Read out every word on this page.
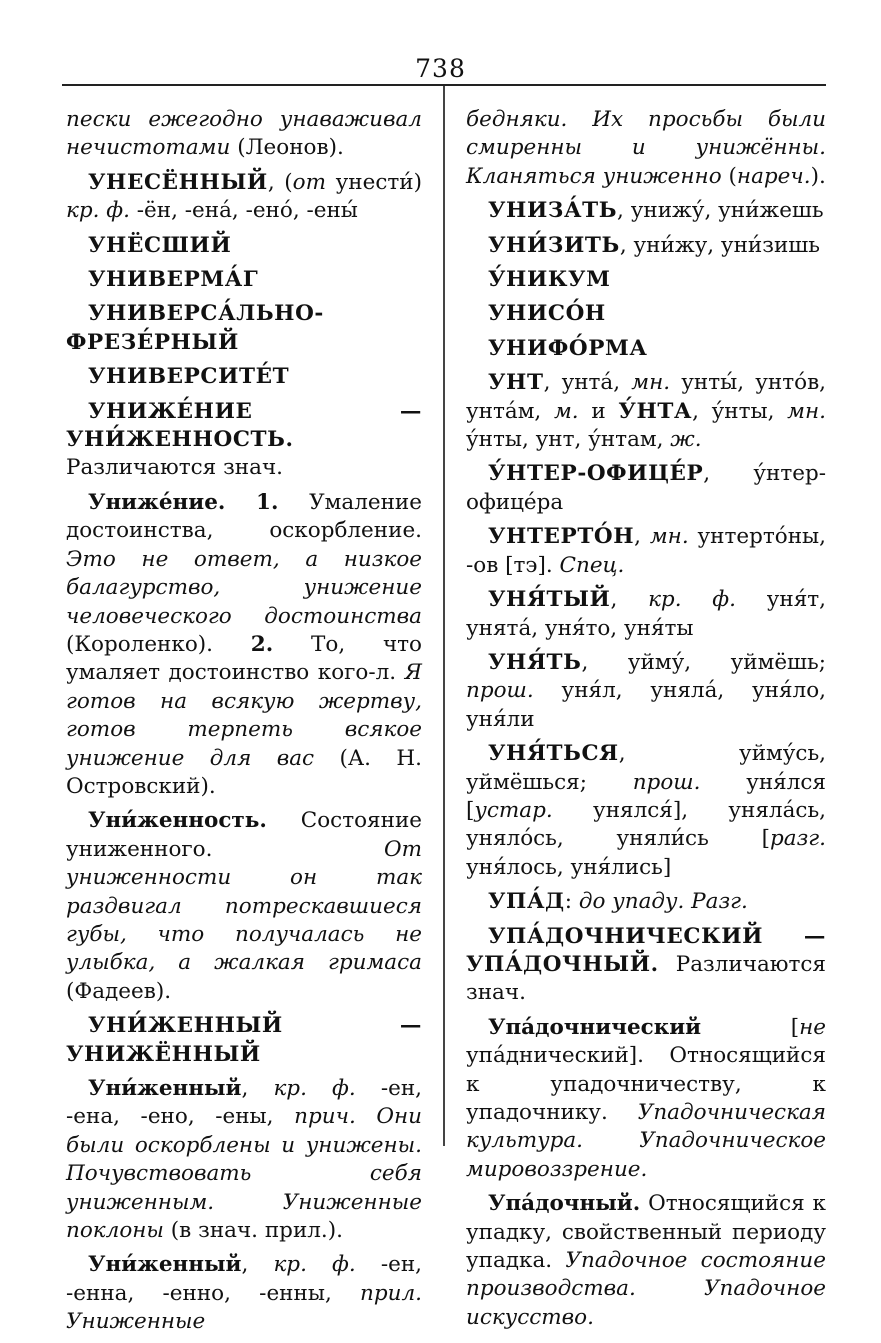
738

пески ежегодно унаваживал нечистотами (Леонов).

УНЕСЁННЫЙ, (от унести́) кр. ф. -ён, -ена́, -ено́, -ены́

УНЁСШИЙ

УНИВЕРМА́Г

УНИВЕРСА́ЛЬНО-ФРЕЗЕ́РНЫЙ

УНИВЕРСИТЕ́Т

УНИЖЕ́НИЕ — УНИ́ЖЕННОСТЬ. Различаются знач.

Униже́ние. 1. Умаление достоинства, оскорбление. Это не ответ, а низкое балагурство, унижение человеческого достоинства (Короленко). 2. То, что умаляет достоинство кого-л. Я готов на всякую жертву, готов терпеть всякое унижение для вас (А. Н. Островский).

Уни́женность. Состояние униженного. От униженности он так раздвигал потрескавшиеся губы, что получалась не улыбка, а жалкая гримаса (Фадеев).

УНИ́ЖЕННЫЙ — УНИЖЁННЫЙ

Уни́женный, кр. ф. -ен, -ена, -ено, -ены, прич. Они были оскорблены и унижены. Почувствовать себя униженным. Униженные поклоны (в знач. прил.).

Уни́женный, кр. ф. -ен, -енна, -енно, -енны, прил. Униженные

бедняки. Их просьбы были смиренны и унижённы. Кланяться униженно (нареч.).

УНИЗА́ТЬ, унижу́, уни́жешь

УНИ́ЗИТЬ, уни́жу, уни́зишь

У́НИКУМ

УНИСО́Н

УНИФО́РМА

УНТ, унта́, мн. унты́, унто́в, унта́м, м. и У́НТА, у́нты, мн. у́нты, унт, у́нтам, ж.

У́НТЕР-ОФИЦЕ́Р, у́нтер-офице́ра

УНТЕРТО́Н, мн. унтерто́ны, -ов [тэ]. Спец.

УНЯ́ТЫЙ, кр. ф. уня́т, унята́, уня́то, уня́ты

УНЯ́ТЬ, уйму́, уймёшь; прош. уня́л, уняла́, уня́ло, уня́ли

УНЯ́ТЬСЯ, уйму́сь, уймёшься; прош. уня́лся [устар. унялся́], уняла́сь, уняло́сь, уняли́сь [разг. уня́лось, уня́лись]

УПА́Д: до упаду. Разг.

УПА́ДОЧНИЧЕСКИЙ — УПА́ДОЧНЫЙ. Различаются знач.

Упа́дочнический [не упа́днический]. Относящийся к упадочничеству, к упадочнику. Упадочническая культура. Упадочническое мировоззрение.

Упа́дочный. Относящийся к упадку, свойственный периоду упадка. Упадочное состояние производства. Упадочное искусство.
